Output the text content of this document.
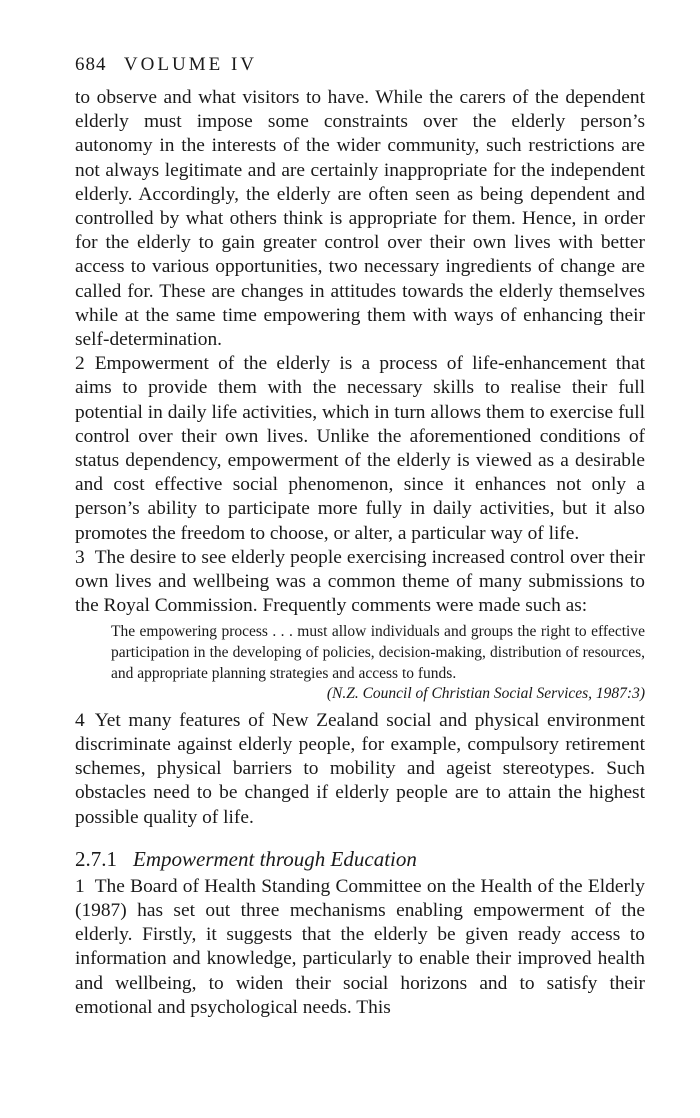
684 VOLUME IV

to observe and what visitors to have. While the carers of the dependent elderly must impose some constraints over the elderly person’s autonomy in the interests of the wider community, such restrictions are not always legitimate and are certainly inappropriate for the independent elderly. Accordingly, the elderly are often seen as being dependent and controlled by what others think is appropriate for them. Hence, in order for the elderly to gain greater control over their own lives with better access to various opportunities, two necessary ingredients of change are called for. These are changes in attitudes towards the elderly themselves while at the same time empowering them with ways of enhancing their self-determination.

2 Empowerment of the elderly is a process of life-enhancement that aims to provide them with the necessary skills to realise their full potential in daily life activities, which in turn allows them to exercise full control over their own lives. Unlike the aforementioned conditions of status dependency, empowerment of the elderly is viewed as a desirable and cost effective social phenomenon, since it enhances not only a person’s ability to participate more fully in daily activities, but it also promotes the freedom to choose, or alter, a particular way of life.

3 The desire to see elderly people exercising increased control over their own lives and wellbeing was a common theme of many submissions to the Royal Commission. Frequently comments were made such as:

The empowering process . . . must allow individuals and groups the right to effective participation in the developing of policies, decision-making, distribution of resources, and appropriate planning strategies and access to funds.
(N.Z. Council of Christian Social Services, 1987:3)

4 Yet many features of New Zealand social and physical environment discriminate against elderly people, for example, compulsory retirement schemes, physical barriers to mobility and ageist stereotypes. Such obstacles need to be changed if elderly people are to attain the highest possible quality of life.

2.7.1 Empowerment through Education

1 The Board of Health Standing Committee on the Health of the Elderly (1987) has set out three mechanisms enabling empowerment of the elderly. Firstly, it suggests that the elderly be given ready access to information and knowledge, particularly to enable their improved health and wellbeing, to widen their social horizons and to satisfy their emotional and psychological needs. This
